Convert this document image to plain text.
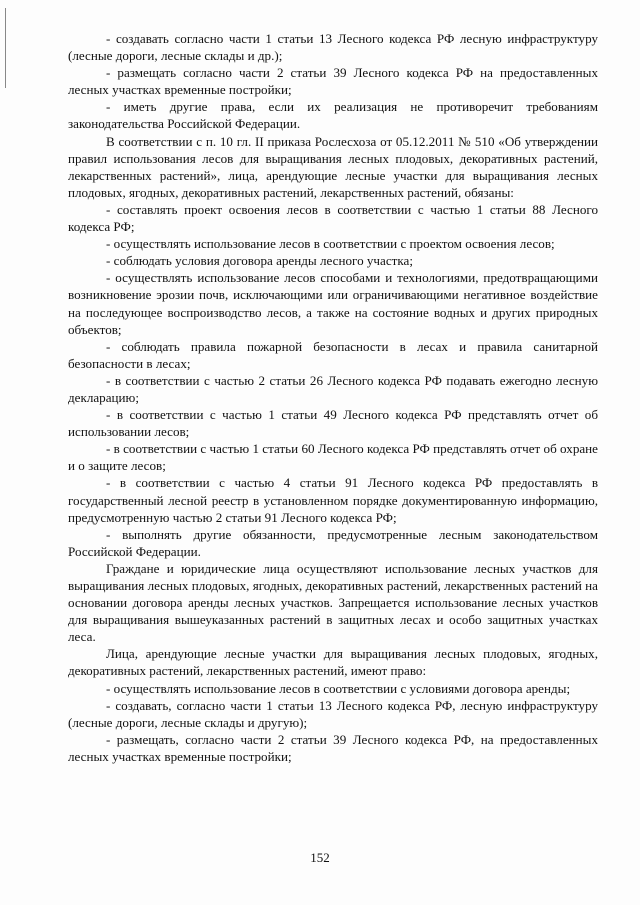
- создавать согласно части 1 статьи 13 Лесного кодекса РФ лесную инфраструктуру (лесные дороги, лесные склады и др.);

- размещать согласно части 2 статьи 39 Лесного кодекса РФ на предоставленных лесных участках временные постройки;

- иметь другие права, если их реализация не противоречит требованиям законодательства Российской Федерации.

В соответствии с п. 10 гл. II приказа Рослесхоза от 05.12.2011 № 510 «Об утверждении правил использования лесов для выращивания лесных плодовых, декоративных растений, лекарственных растений», лица, арендующие лесные участки для выращивания лесных плодовых, ягодных, декоративных растений, лекарственных растений, обязаны:

- составлять проект освоения лесов в соответствии с частью 1 статьи 88 Лесного кодекса РФ;

- осуществлять использование лесов в соответствии с проектом освоения лесов;

- соблюдать условия договора аренды лесного участка;

- осуществлять использование лесов способами и технологиями, предотвращающими возникновение эрозии почв, исключающими или ограничивающими негативное воздействие на последующее воспроизводство лесов, а также на состояние водных и других природных объектов;

- соблюдать правила пожарной безопасности в лесах и правила санитарной безопасности в лесах;

- в соответствии с частью 2 статьи 26 Лесного кодекса РФ подавать ежегодно лесную декларацию;

- в соответствии с частью 1 статьи 49 Лесного кодекса РФ представлять отчет об использовании лесов;

- в соответствии с частью 1 статьи 60 Лесного кодекса РФ представлять отчет об охране и о защите лесов;

- в соответствии с частью 4 статьи 91 Лесного кодекса РФ предоставлять в государственный лесной реестр в установленном порядке документированную информацию, предусмотренную частью 2 статьи 91 Лесного кодекса РФ;

- выполнять другие обязанности, предусмотренные лесным законодательством Российской Федерации.

Граждане и юридические лица осуществляют использование лесных участков для выращивания лесных плодовых, ягодных, декоративных растений, лекарственных растений на основании договора аренды лесных участков. Запрещается использование лесных участков для выращивания вышеуказанных растений в защитных лесах и особо защитных участках леса.

Лица, арендующие лесные участки для выращивания лесных плодовых, ягодных, декоративных растений, лекарственных растений, имеют право:

- осуществлять использование лесов в соответствии с условиями договора аренды;

- создавать, согласно части 1 статьи 13 Лесного кодекса РФ, лесную инфраструктуру (лесные дороги, лесные склады и другую);

- размещать, согласно части 2 статьи 39 Лесного кодекса РФ, на предоставленных лесных участках временные постройки;

152
